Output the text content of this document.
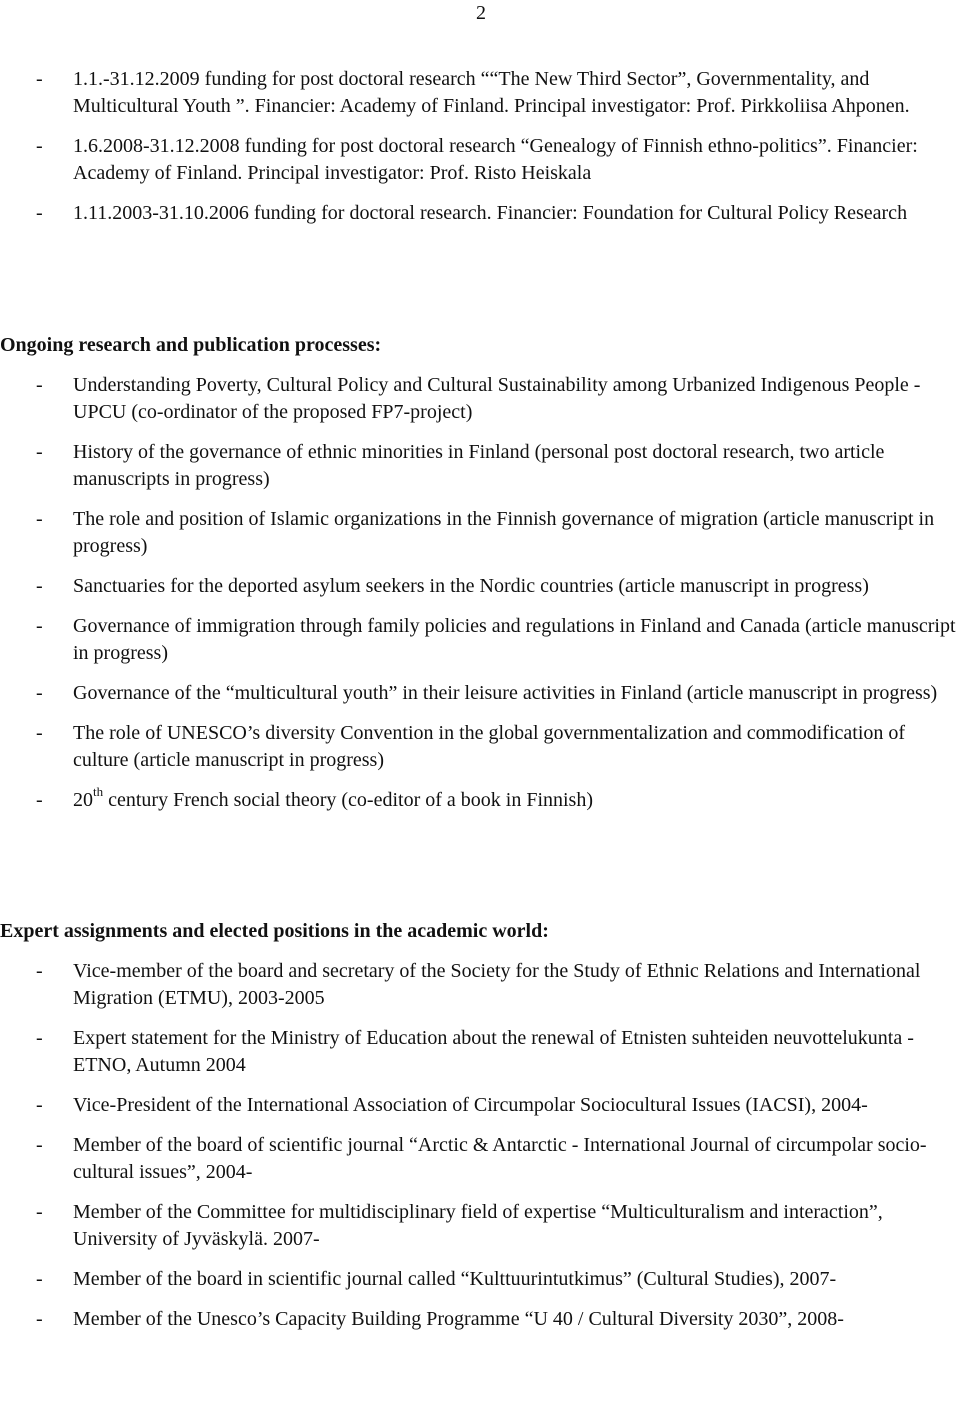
2
- 1.1.-31.12.2009 funding for post doctoral research ““The New Third Sector”, Governmentality, and Multicultural Youth ”. Financier: Academy of Finland. Principal investigator: Prof. Pirkkoliisa Ahponen.
- 1.6.2008-31.12.2008 funding for post doctoral research “Genealogy of Finnish ethno-politics”. Financier: Academy of Finland. Principal investigator: Prof. Risto Heiskala
- 1.11.2003-31.10.2006 funding for doctoral research. Financier: Foundation for Cultural Policy Research
Ongoing research and publication processes:
- Understanding Poverty, Cultural Policy and Cultural Sustainability among Urbanized Indigenous People - UPCU (co-ordinator of the proposed FP7-project)
- History of the governance of ethnic minorities in Finland (personal post doctoral research, two article manuscripts in progress)
- The role and position of Islamic organizations in the Finnish governance of migration (article manuscript in progress)
- Sanctuaries for the deported asylum seekers in the Nordic countries (article manuscript in progress)
- Governance of immigration through family policies and regulations in Finland and Canada (article manuscript in progress)
- Governance of the “multicultural youth” in their leisure activities in Finland (article manuscript in progress)
- The role of UNESCO’s diversity Convention in the global governmentalization and commodification of culture (article manuscript in progress)
- 20th century French social theory (co-editor of a book in Finnish)
Expert assignments and elected positions in the academic world:
- Vice-member of the board and secretary of the Society for the Study of Ethnic Relations and International Migration (ETMU), 2003-2005
- Expert statement for the Ministry of Education about the renewal of Etnisten suhteiden neuvottelukunta - ETNO, Autumn 2004
- Vice-President of the International Association of Circumpolar Sociocultural Issues (IACSI), 2004-
- Member of the board of scientific journal “Arctic & Antarctic - International Journal of circumpolar socio-cultural issues”, 2004-
- Member of the Committee for multidisciplinary field of expertise “Multiculturalism and interaction”, University of Jyväskylä. 2007-
- Member of the board in scientific journal called “Kulttuurintutkimus” (Cultural Studies), 2007-
- Member of the Unesco’s Capacity Building Programme “U 40 / Cultural Diversity 2030”, 2008-
